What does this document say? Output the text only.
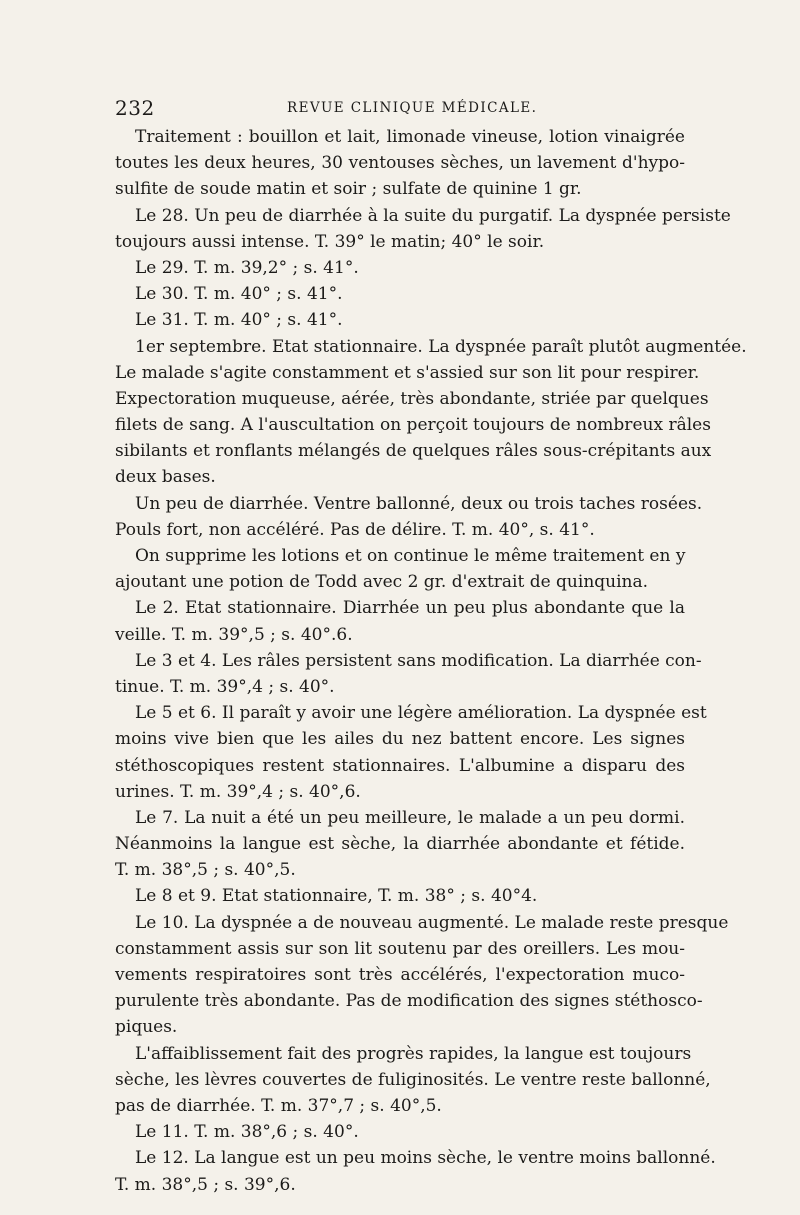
232	REVUE CLINIQUE MÉDICALE.
Traitement : bouillon et lait, limonade vineuse, lotion vinaigrée
toutes les deux heures, 30 ventouses sèches, un lavement d'hypo-
sulfite de soude matin et soir ; sulfate de quinine 1 gr.
Le 28. Un peu de diarrhée à la suite du purgatif. La dyspnée persiste
toujours aussi intense. T. 39° le matin; 40° le soir.
Le 29. T. m. 39,2° ; s. 41°.
Le 30. T. m. 40° ; s. 41°.
Le 31. T. m. 40° ; s. 41°.
1er septembre. Etat stationnaire. La dyspnée paraît plutôt augmentée.
Le malade s'agite constamment et s'assied sur son lit pour respirer.
Expectoration muqueuse, aérée, très abondante, striée par quelques
filets de sang. A l'auscultation on perçoit toujours de nombreux râles
sibilants et ronflants mélangés de quelques râles sous-crépitants aux
deux bases.
Un peu de diarrhée. Ventre ballonné, deux ou trois taches rosées.
Pouls fort, non accéléré. Pas de délire. T. m. 40°, s. 41°.
On supprime les lotions et on continue le même traitement en y
ajoutant une potion de Todd avec 2 gr. d'extrait de quinquina.
Le 2. Etat stationnaire. Diarrhée un peu plus abondante que la
veille. T. m. 39°,5 ; s. 40°.6.
Le 3 et 4. Les râles persistent sans modification. La diarrhée con-
tinue. T. m. 39°,4 ; s. 40°.
Le 5 et 6. Il paraît y avoir une légère amélioration. La dyspnée est
moins vive bien que les ailes du nez battent encore. Les signes
stéthoscopiques restent stationnaires. L'albumine a disparu des
urines. T. m. 39°,4 ; s. 40°,6.
Le 7. La nuit a été un peu meilleure, le malade a un peu dormi.
Néanmoins la langue est sèche, la diarrhée abondante et fétide.
T. m. 38°,5 ; s. 40°,5.
Le 8 et 9. Etat stationnaire, T. m. 38° ; s. 40°4.
Le 10. La dyspnée a de nouveau augmenté. Le malade reste presque
constamment assis sur son lit soutenu par des oreillers. Les mou-
vements respiratoires sont très accélérés, l'expectoration muco-
purulente très abondante. Pas de modification des signes stéthosco-
piques.
L'affaiblissement fait des progrès rapides, la langue est toujours
sèche, les lèvres couvertes de fuliginosités. Le ventre reste ballonné,
pas de diarrhée. T. m. 37°,7 ; s. 40°,5.
Le 11. T. m. 38°,6 ; s. 40°.
Le 12. La langue est un peu moins sèche, le ventre moins ballonné.
T. m. 38°,5 ; s. 39°,6.
